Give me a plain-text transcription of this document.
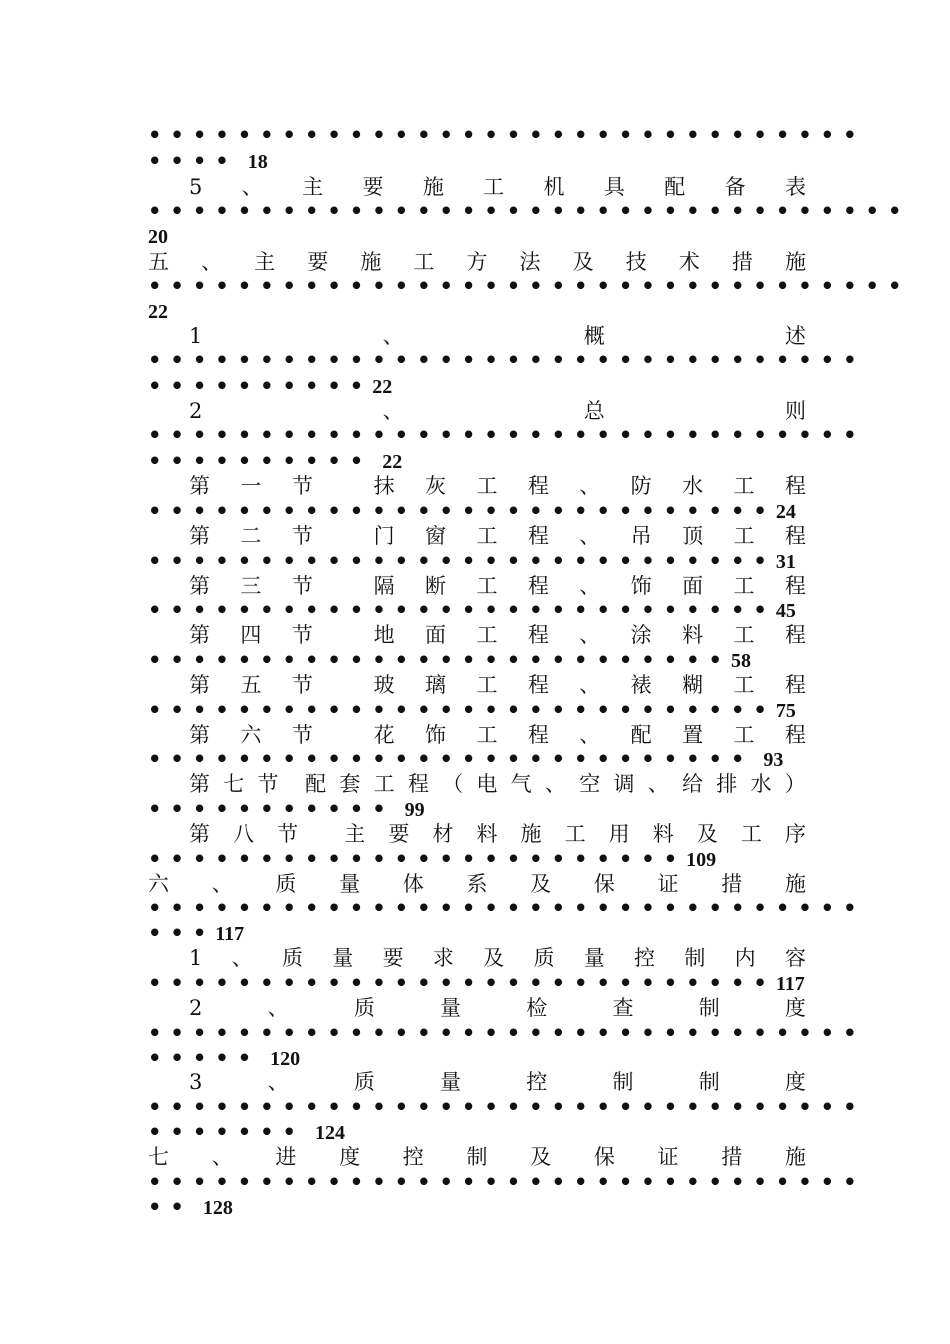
••••••••••••••••••••••••••••••••
•••• 18
5 、 主 要 施 工 机 具 配 备 表
••••••••••••••••••••••••••••••••••
20
五 、 主 要 施 工 方 法 及 技 术 措 施
••••••••••••••••••••••••••••••••••
22
1	、	概	述
••••••••••••••••••••••••••••••••
••••••••••22
2	、	总	则
••••••••••••••••••••••••••••••••
•••••••••• 22
第 一 节	抹 灰 工 程 、 防 水 工 程
••••••••••••••••••••••••••••24
第 二 节	门 窗 工 程 、 吊 顶 工 程
••••••••••••••••••••••••••••31
第 三 节	隔 断 工 程 、 饰 面 工 程
••••••••••••••••••••••••••••45
第 四 节	地 面 工 程 、 涂 料 工 程
••••••••••••••••••••••••••58
第 五 节	玻 璃 工 程 、 裱 糊 工 程
••••••••••••••••••••••••••••75
第 六 节	花 饰 工 程 、 配 置 工 程
••••••••••••••••••••••••••• 93
第 七 节 配 套 工 程 （ 电 气 、 空 调 、 给 排 水 ）
••••••••••• 99
第 八 节 主 要 材 料 施 工 用 料 及 工 序
••••••••••••••••••••••••109
六 、 质 量 体 系 及 保 证 措 施
••••••••••••••••••••••••••••••••
•••117
1 、 质 量 要 求 及 质 量 控 制 内 容
••••••••••••••••••••••••••••117
2	、	质	量	检	查	制	度
••••••••••••••••••••••••••••••••
••••• 120
3	、	质	量	控	制	制	度
••••••••••••••••••••••••••••••••
••••••• 124
七 、 进 度 控 制 及 保 证 措 施
••••••••••••••••••••••••••••••••
•• 128
